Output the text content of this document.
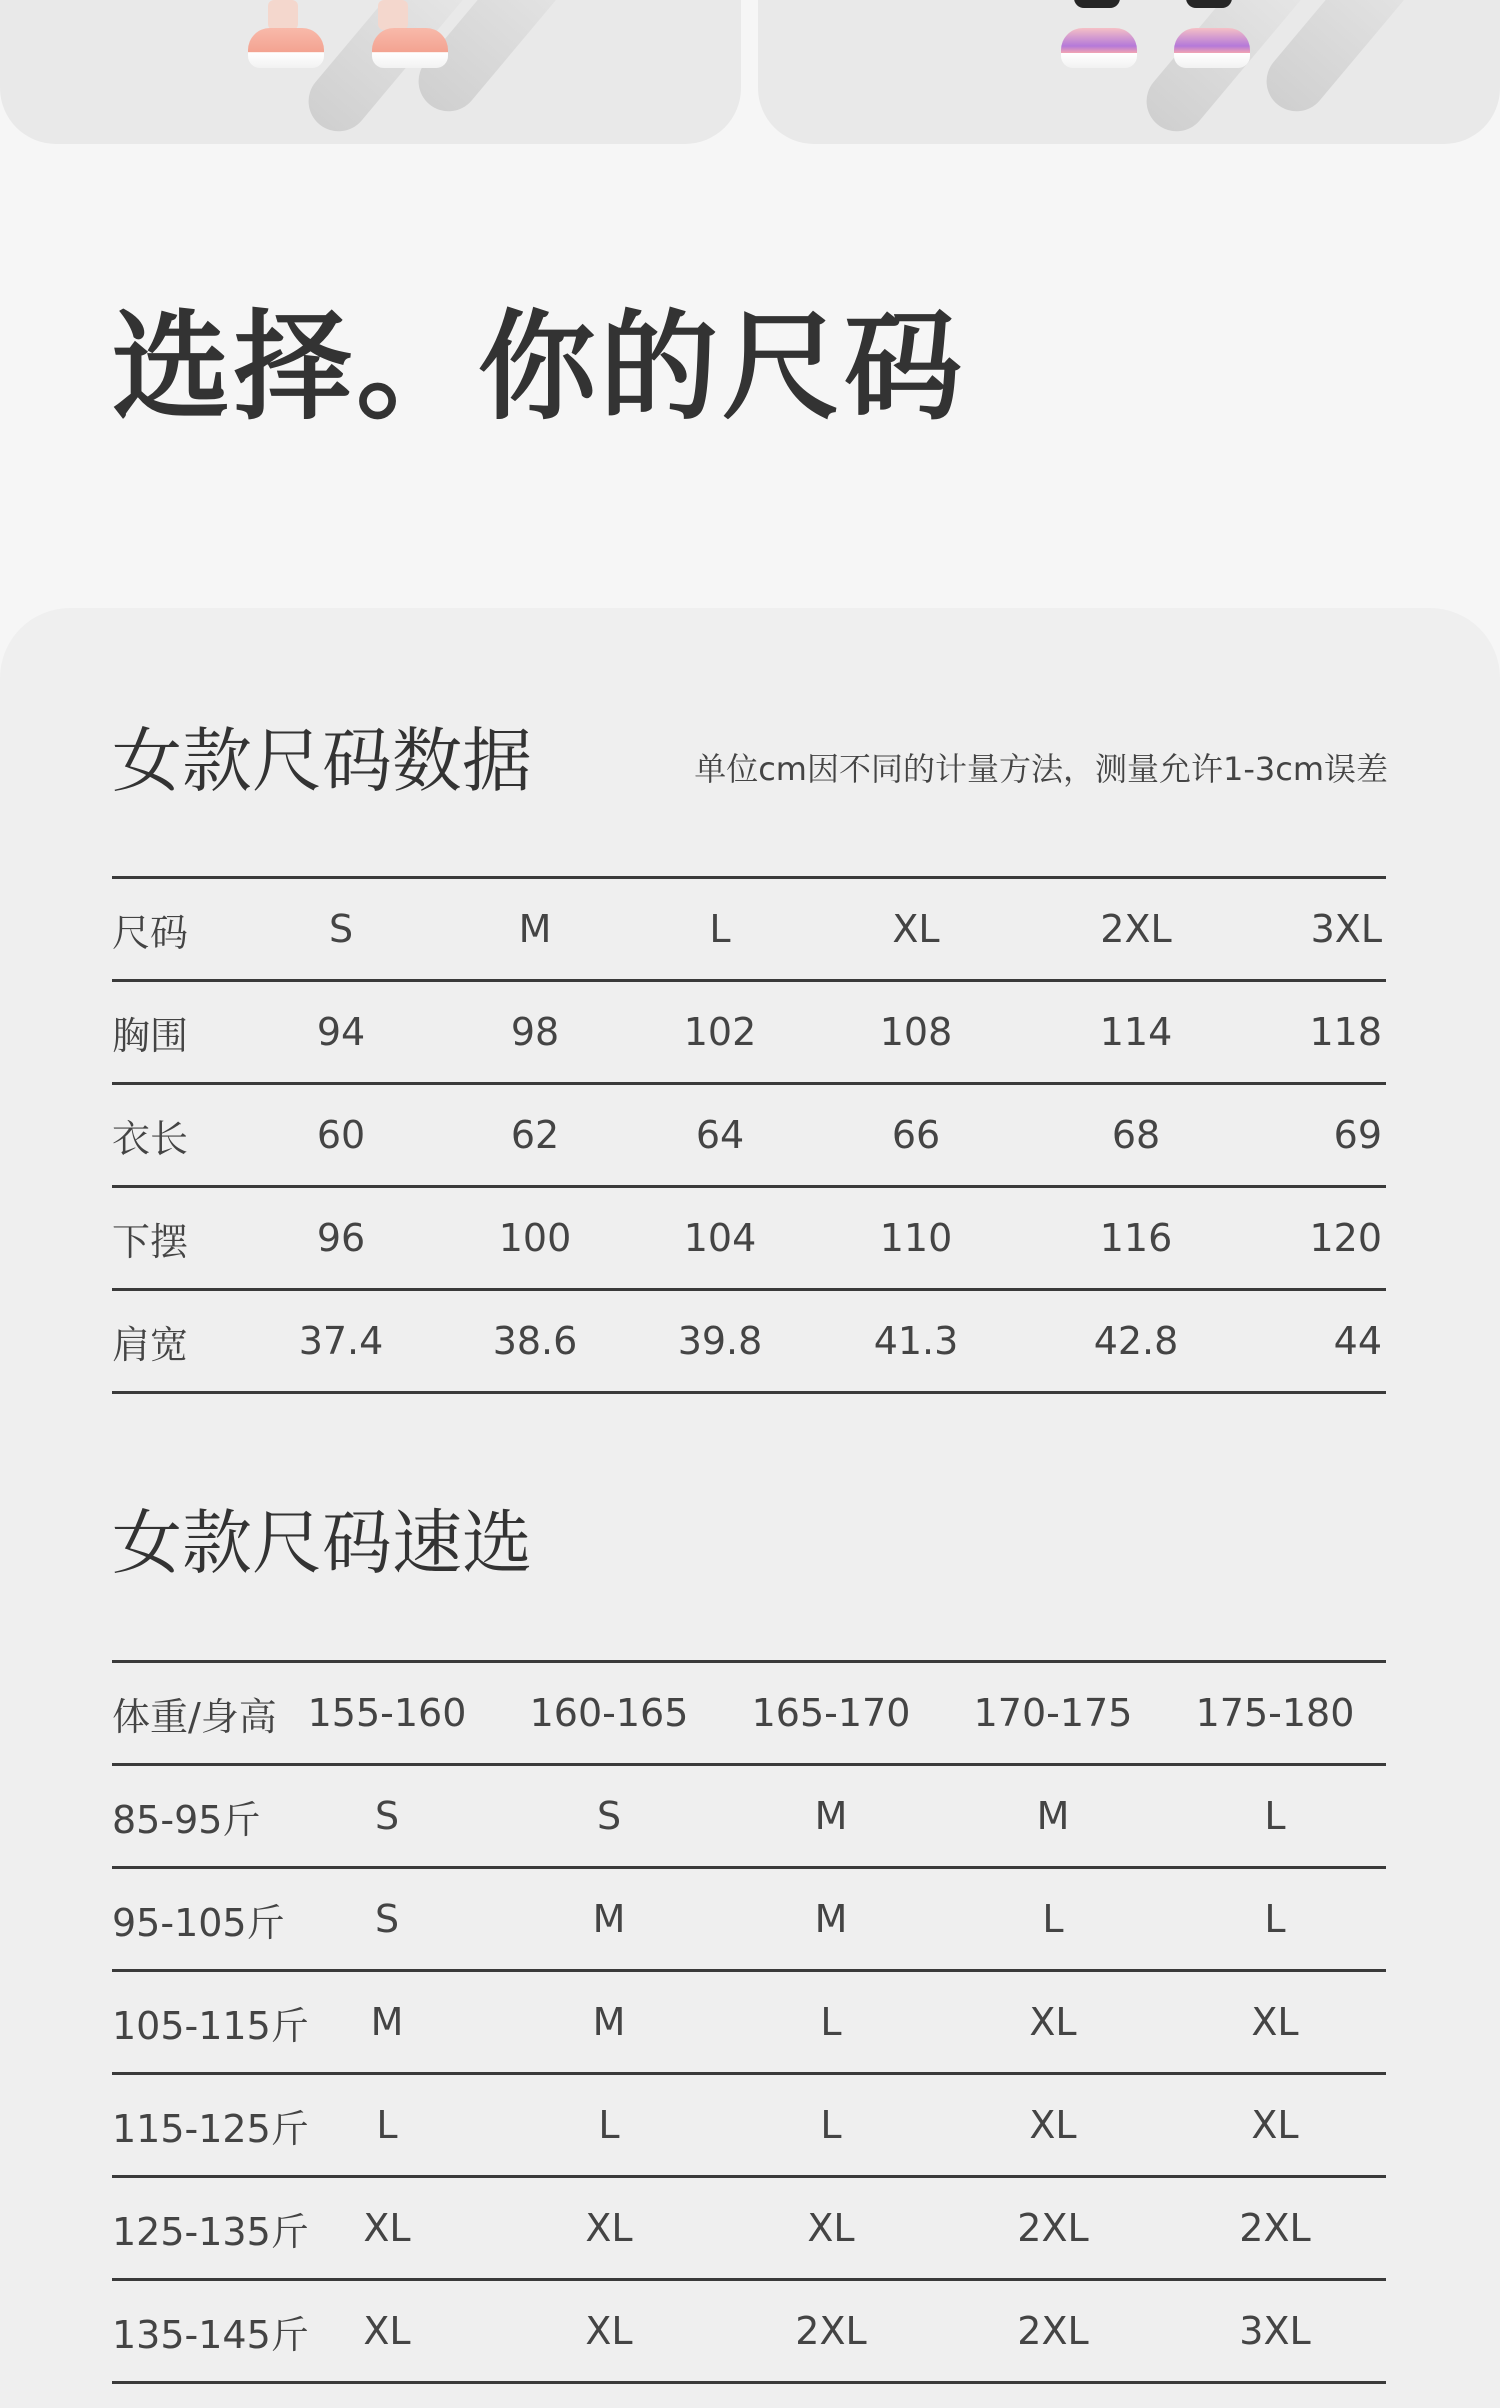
选择。你的尺码
女款尺码数据	单位cm因不同的计量方法，测量允许1-3cm误差
尺码	S	M	L	XL	2XL	3XL
胸围	94	98	102	108	114	118
衣长	60	62	64	66	68	69
下摆	96	100	104	110	116	120
肩宽	37.4	38.6	39.8	41.3	42.8	44
女款尺码速选
体重/身高	155-160	160-165	165-170	170-175	175-180
85-95斤	S	S	M	M	L
95-105斤	S	M	M	L	L
105-115斤	M	M	L	XL	XL
115-125斤	L	L	L	XL	XL
125-135斤	XL	XL	XL	2XL	2XL
135-145斤	XL	XL	2XL	2XL	3XL
